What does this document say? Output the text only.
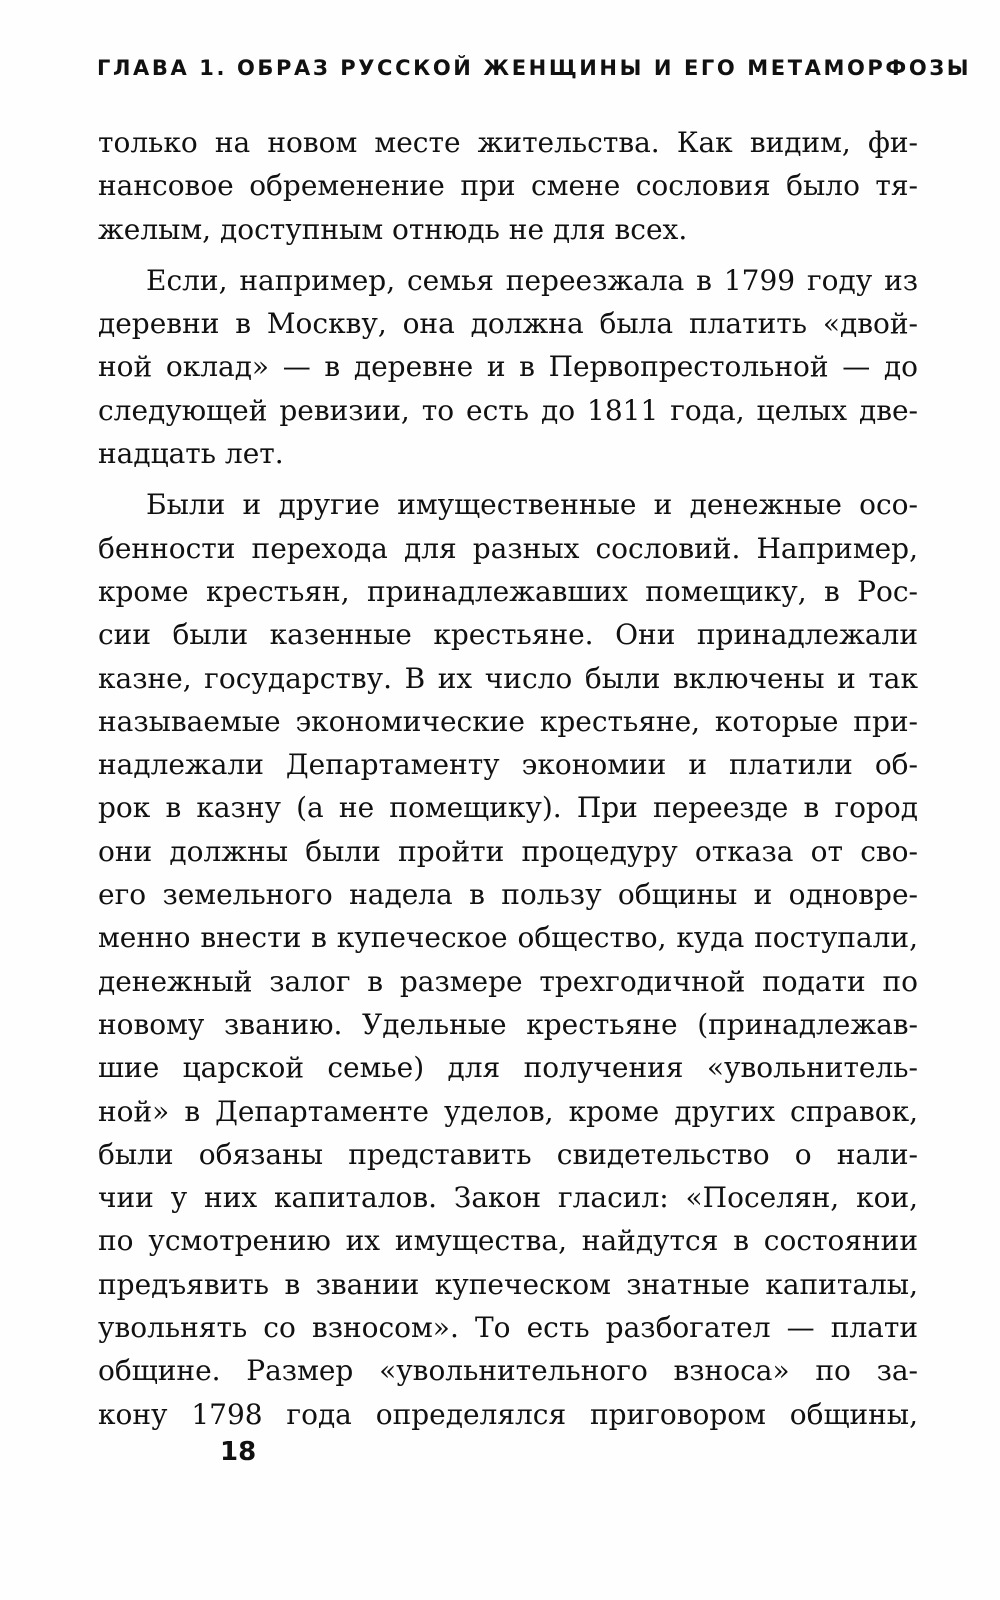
ГЛАВА 1. ОБРАЗ РУССКОЙ ЖЕНЩИНЫ И ЕГО МЕТАМОРФОЗЫ
только на новом месте жительства. Как видим, фи-
нансовое обременение при смене сословия было тя-
желым, доступным отнюдь не для всех.
Если, например, семья переезжала в 1799 году из
деревни в Москву, она должна была платить «двой-
ной оклад» — в деревне и в Первопрестольной — до
следующей ревизии, то есть до 1811 года, целых две-
надцать лет.
Были и другие имущественные и денежные осо-
бенности перехода для разных сословий. Например,
кроме крестьян, принадлежавших помещику, в Рос-
сии были казенные крестьяне. Они принадлежали
казне, государству. В их число были включены и так
называемые экономические крестьяне, которые при-
надлежали Департаменту экономии и платили об-
рок в казну (а не помещику). При переезде в город
они должны были пройти процедуру отказа от сво-
его земельного надела в пользу общины и одновре-
менно внести в купеческое общество, куда поступали,
денежный залог в размере трехгодичной подати по
новому званию. Удельные крестьяне (принадлежав-
шие царской семье) для получения «увольнитель-
ной» в Департаменте уделов, кроме других справок,
были обязаны представить свидетельство о нали-
чии у них капиталов. Закон гласил: «Поселян, кои,
по усмотрению их имущества, найдутся в состоянии
предъявить в звании купеческом знатные капиталы,
увольнять со взносом». То есть разбогател — плати
общине. Размер «увольнительного взноса» по за-
кону 1798 года определялся приговором общины,
18
